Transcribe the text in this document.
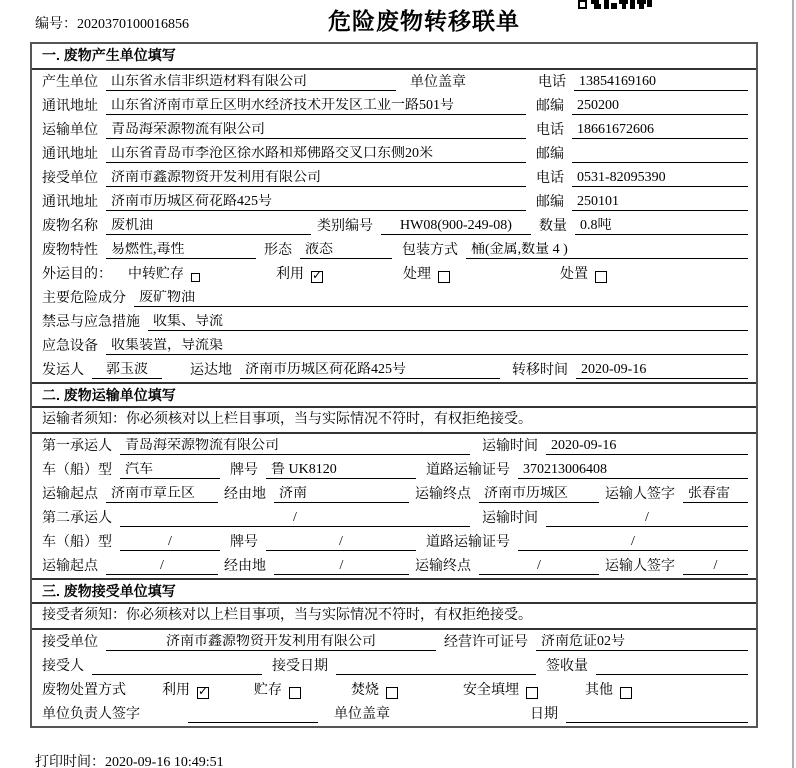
编号：2020370100016856	危险废物转移联单
一. 废物产生单位填写
产生单位 山东省永信非织造材料有限公司	单位盖章	电话 13854169160
通讯地址 山东省济南市章丘区明水经济技术开发区工业一路501号	邮编 250200
运输单位 青岛海荣源物流有限公司	电话 18661672606
通讯地址 山东省青岛市李沧区徐水路和郑佛路交叉口东侧20米	邮编
接受单位 济南市鑫源物资开发利用有限公司	电话 0531-82095390
通讯地址 济南市历城区荷花路425号	邮编 250101
废物名称 废机油	类别编号	HW08(900-249-08)	数量 0.8吨
废物特性 易燃性,毒性	形态 液态	包装方式 桶(金属,数量 4 )
外运目的： 中转贮存	利用 ✓	处理	处置
主要危险成分 废矿物油
禁忌与应急措施 收集、导流
应急设备 收集装置，导流渠
发运人	郭玉波	运达地 济南市历城区荷花路425号	转移时间 2020-09-16
二. 废物运输单位填写
运输者须知：你必须核对以上栏目事项，当与实际情况不符时，有权拒绝接受。
第一承运人 青岛海荣源物流有限公司	运输时间 2020-09-16
车（船）型 汽车	牌号 鲁 UK8120	道路运输证号 370213006408
运输起点 济南市章丘区	经由地 济南	运输终点 济南市历城区	运输人签字 张春雷
第二承运人	/	运输时间	/
车（船）型	/	牌号	/	道路运输证号	/
运输起点	/	经由地	/	运输终点	/	运输人签字	/
三. 废物接受单位填写
接受者须知：你必须核对以上栏目事项，当与实际情况不符时，有权拒绝接受。
接受单位	济南市鑫源物资开发利用有限公司	经营许可证号 济南危证02号
接受人	接受日期	签收量
废物处置方式	利用 ✓	贮存	焚烧	安全填埋	其他
单位负责人签字	单位盖章	日期
打印时间：2020-09-16 10:49:51
